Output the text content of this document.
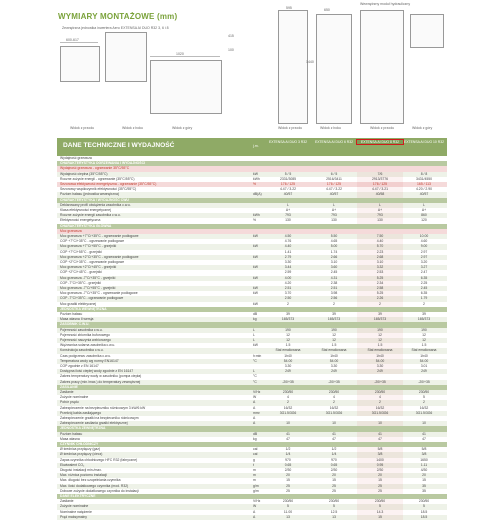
WYMIARY MONTAŻOWE (mm)
Zewnętrzna jednostka inwertera Aero EXTENSA AI DUO R32 3, 6 i 8
Wewnętrzny moduł hydrauliczny
Widok z przodu	Widok z boku	Widok z góry	Widok z przodu	Widok z boku	Widok z przodu	Widok z góry
600-617
1020
100
415
1440
595	650
DANE TECHNICZNE I WYDAJNOŚĆ	j.m.
EXTENSA AI DUO 3 R32	EXTENSA AI DUO 6 R32	EXTENSA AI DUO 8 R32	EXTENSA AI DUO 10 R32
Wydajność grzewcza
CHARAKTERYSTYKA OGRZEWANIA I WYDAJNOŚCI
Wydajność grzewcza - ogrzewanie 35°C/55°C
Wydajność cieplna (35°C/55°C)	kW	5 / 5	6 / 5	7/6	8 / 8
Roczne zużycie energii - ogrzewanie (35°C/55°C)	kWh	2331/3085	2516/3411	2913/3776	3431/4550
Sezonowa efektywność energetyczna - ogrzewanie (35°C/55°C)	%	176 / 125	176 / 125	176 / 125	165 / 113
Sezonowy współczynnik efektywności (35°C/55°C)	4.47 / 3.22	4.47 / 3.22	4.47 / 3.21	4.20 / 2.90
Poziom hałasu (jednostka wewnętrzna)	dB(A)	40/57	40/57	40/58	40/57
CHARAKTERYSTYKA / WYDAJNOŚĆ CWU
Deklarowany profil obciążenia zasobnika c.w.u.	L	L	L	L
Klasa efektywności energetycznej	A+	A+	A+	A+
Roczne zużycie energii zasobnika c.w.u.	kWh	793	793	793	860
Efektywność energetyczna	%	130	130	130	120
CHARAKTERYSTYKA GŁÓWNA
Moc grzewcza
Moc grzewcza +7°C/+35°C - ogrzewanie podłogowe	kW	4.50	5.50	7.50	10.00
COP +7°C/+35°C - ogrzewanie podłogowe	4.76	4.65	4.40	4.60
Moc grzewcza +7°C/+55°C - grzejniki	kW	4.40	5.00	5.70	9.00
COP +7°C/+55°C - grzejniki	1.41	1.74	2.23	2.97
Moc grzewcza +2°C/+35°C - ogrzewanie podłogowe	kW	2.79	2.66	2.68	2.97
COP +2°C/+35°C - ogrzewanie podłogowe	3.30	3.10	3.10	3.20
Moc grzewcza +2°C/+45°C - grzejniki	kW	3.44	3.60	3.32	3.27
COP +2°C/+45°C - grzejniki	2.59	2.45	2.53	2.47
Moc grzewcza -7°C/+35°C - grzejniki	kW	4.00	4.31	5.25	6.35
COP -7°C/+35°C - grzejniki	4.20	2.38	2.34	2.25
Moc grzewcza -7°C/+55°C - grzejniki	kW	2.51	2.51	2.58	2.45
Moc grzewcza -7°C/+35°C - ogrzewanie podłogowe	kW	3.70	3.98	5.25	6.35
COP -7°C/+35°C - ogrzewanie podłogowe	2.50	2.56	2.26	1.79
Moc grzałki elektrycznej	kW	2	2	2	2
JEDNOSTKA WEWNĘTRZNA
Poziom hałasu	dB	39	39	39	39
Masa własna II wersja	kg	165/373	165/373	165/373	165/373
ZASOBNIK C.W.U.
Pojemność zasobnika c.w.u.	L	190	190	190	190
Pojemność zbiornika buforowego	L	12	12	12	12
Pojemność naczynia wzbiorczego	L	12	12	12	12
Wężownica solarna zasobnika c.w.u.	kW	1.5	1.5	1.5	1.5
Konstrukcja zasobnika c.w.u.	Stal emaliowana	Stal emaliowana	Stal emaliowana	Stal emaliowana
Czas podgrzewu zasobnika c.w.u.	h:min	1h40	1h40	1h40	1h40
Temperatura wody wg normy EN16147	°C	54.00	54.00	54.00	54.00
COP zgodnie z EN 16147	3.30	3.30	3.30	3.01
Dostępna ilość ciepłej wody zgodnie z EN 16147	L	249	249	249	249
Zakres temperatury wody w zasobniku (pompa ciepła)	°C
Zakres pracy (min./max.) do temperatury zewnętrznej	°C	-20/+35	-20/+35	-20/+35	-20/+35
ZASILANIE
Zasilanie	V/Hz	230/50	230/50	230/50	230/50
Zużycie nominalne	W	4	4	4	5
Pobór prądu	A	2	2	2	2
Zabezpieczenie na bezpieczniku różnicowym 3 kW/6 kW	A	16/32	16/32	16/32	16/32
Przekrój kabla zasilającego	mm²	3G1.5/3G6	3G1.5/3G6	3G1.5/3G6	3G1.5/3G6
Zabezpieczenie grzałki na bezpieczniku różnicowym	A
Zabezpieczenie zasilania grzałki elektrycznej	A	10	10	10	10
JEDNOSTKA ZEWNĘTRZNA
Poziom hałasu	dB	41	41	41	41
Masa własna	kg	47	47	47	47
CZYNNIK CHŁODNICZY
Ø średnica przyłączy (gaz)	cal	1/2	1/2	5/8	5/8
Ø średnica przyłączy (ciecz)	cal	1/4	1/4	3/8	3/8
Zapas czynnika chłodniczego HFC R32 (fabryczne)	g	970	970	1400	1650
Ekwiwalent CO₂	t	0.65	0.65	0.95	1.11
Długość instalacji min./max.	m	2/30	2/30	2/30	4/30
Max. różnica poziomu instalacji	m	20	20	20	20
Max. długość bez uzupełniania czynnika	m	15	15	15	15
Max. ilość dodatkowego czynnika (mod. R32)	g/m	25	25	25	35
Dobowe zużycie dodatkowego czynnika do instalacji	g/m	25	25	25	35
DANE ELEKTRYCZNE
Zasilanie	V/Hz	230/50	230/50	230/50	230/50
Zużycie nominalne	W	5	5	5	5
Nominalne natężenie	A	11.00	12.5	14.3	18.5
Prąd maksymalny	A	13	13	15	18.5
